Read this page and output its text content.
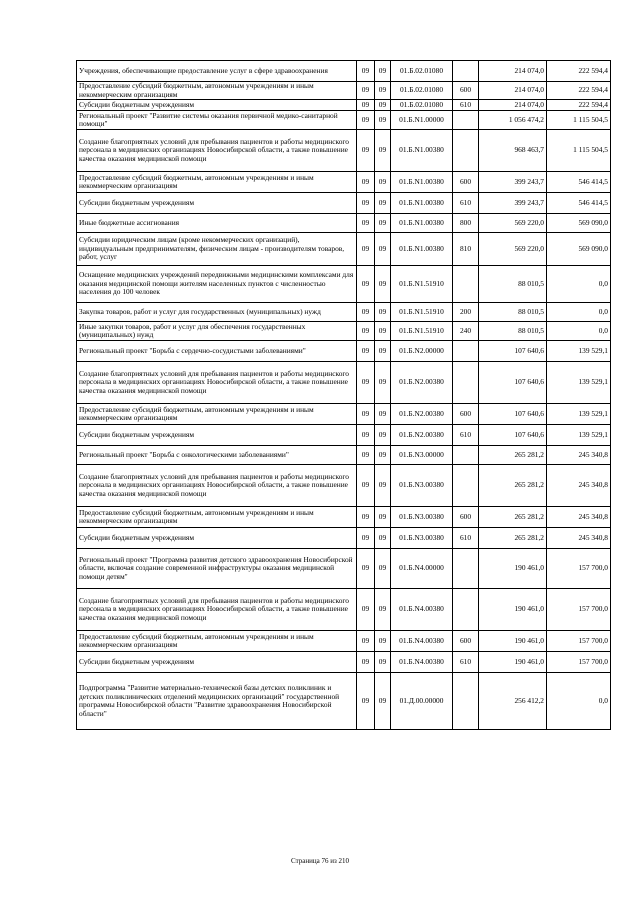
Учреждения, обеспечивающие предоставление услуг в сфере здравоохранения	09	09	01.Б.02.01080		214 074,0	222 594,4
Предоставление субсидий бюджетным, автономным учреждениям и иным некоммерческим организациям	09	09	01.Б.02.01080	600	214 074,0	222 594,4
Субсидии бюджетным учреждениям	09	09	01.Б.02.01080	610	214 074,0	222 594,4
Региональный проект "Развитие системы оказания первичной медико-санитарной помощи"	09	09	01.Б.N1.00000		1 056 474,2	1 115 504,5
Создание благоприятных условий для пребывания пациентов и работы медицинского персонала в медицинских организациях Новосибирской области, а также повышение качества оказания медицинской помощи	09	09	01.Б.N1.00380		968 463,7	1 115 504,5
Предоставление субсидий бюджетным, автономным учреждениям и иным некоммерческим организациям	09	09	01.Б.N1.00380	600	399 243,7	546 414,5
Субсидии бюджетным учреждениям	09	09	01.Б.N1.00380	610	399 243,7	546 414,5
Иные бюджетные ассигнования	09	09	01.Б.N1.00380	800	569 220,0	569 090,0
Субсидии юридическим лицам (кроме некоммерческих организаций), индивидуальным предпринимателям, физическим лицам - производителям товаров, работ, услуг	09	09	01.Б.N1.00380	810	569 220,0	569 090,0
Оснащение медицинских учреждений передвижными медицинскими комплексами для оказания медицинской помощи жителям населенных пунктов с численностью населения до 100 человек	09	09	01.Б.N1.51910		88 010,5	0,0
Закупка товаров, работ и услуг для государственных (муниципальных) нужд	09	09	01.Б.N1.51910	200	88 010,5	0,0
Иные закупки товаров, работ и услуг для обеспечения государственных (муниципальных) нужд	09	09	01.Б.N1.51910	240	88 010,5	0,0
Региональный проект "Борьба с сердечно-сосудистыми заболеваниями"	09	09	01.Б.N2.00000		107 640,6	139 529,1
Создание благоприятных условий для пребывания пациентов и работы медицинского персонала в медицинских организациях Новосибирской области, а также повышение качества оказания медицинской помощи	09	09	01.Б.N2.00380		107 640,6	139 529,1
Предоставление субсидий бюджетным, автономным учреждениям и иным некоммерческим организациям	09	09	01.Б.N2.00380	600	107 640,6	139 529,1
Субсидии бюджетным учреждениям	09	09	01.Б.N2.00380	610	107 640,6	139 529,1
Региональный проект "Борьба с онкологическими заболеваниями"	09	09	01.Б.N3.00000		265 281,2	245 340,8
Создание благоприятных условий для пребывания пациентов и работы медицинского персонала в медицинских организациях Новосибирской области, а также повышение качества оказания медицинской помощи	09	09	01.Б.N3.00380		265 281,2	245 340,8
Предоставление субсидий бюджетным, автономным учреждениям и иным некоммерческим организациям	09	09	01.Б.N3.00380	600	265 281,2	245 340,8
Субсидии бюджетным учреждениям	09	09	01.Б.N3.00380	610	265 281,2	245 340,8
Региональный проект "Программа развития детского здравоохранения Новосибирской области, включая создание современной инфраструктуры оказания медицинской помощи детям"	09	09	01.Б.N4.00000		190 461,0	157 700,0
Создание благоприятных условий для пребывания пациентов и работы медицинского персонала в медицинских организациях Новосибирской области, а также повышение качества оказания медицинской помощи	09	09	01.Б.N4.00380		190 461,0	157 700,0
Предоставление субсидий бюджетным, автономным учреждениям и иным некоммерческим организациям	09	09	01.Б.N4.00380	600	190 461,0	157 700,0
Субсидии бюджетным учреждениям	09	09	01.Б.N4.00380	610	190 461,0	157 700,0
Подпрограмма "Развитие материально-технической базы детских поликлиник и детских поликлинических отделений медицинских организаций" государственной программы Новосибирской области "Развитие здравоохранения Новосибирской области"	09	09	01.Д.00.00000		256 412,2	0,0
Страница 76 из 210
